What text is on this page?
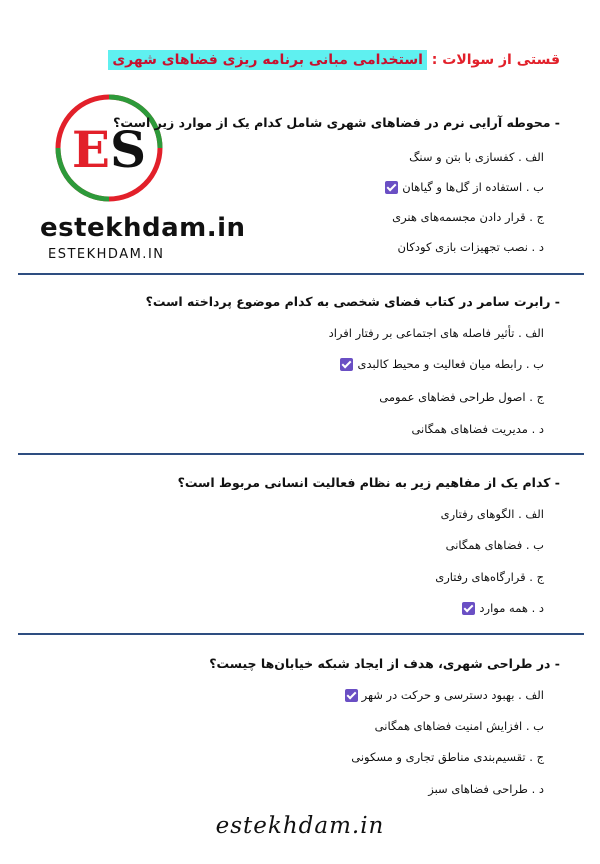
قستی از سوالات : استخدامی مبانی برنامه ریزی فضاهای شهری
ES
estekhdam.in
ESTEKHDAM.IN
- محوطه آرایی نرم در فضاهای شهری شامل کدام یک از موارد زیر است؟
الف . کفسازی با بتن و سنگ
ب . استفاده از گل‌ها و گیاهان
ج . قرار دادن مجسمه‌های هنری
د . نصب تجهیزات بازی کودکان
- رابرت سامر در کتاب فضای شخصی به کدام موضوع پرداخته است؟
الف . تأثیر فاصله های اجتماعی بر رفتار افراد
ب . رابطه میان فعالیت و محیط کالبدی
ج . اصول طراحی فضاهای عمومی
د . مدیریت فضاهای همگانی
- کدام یک از مفاهیم زیر به نظام فعالیت انسانی مربوط است؟
الف . الگوهای رفتاری
ب . فضاهای همگانی
ج . قرارگاه‌های رفتاری
د . همه موارد
- در طراحی شهری، هدف از ایجاد شبکه خیابان‌ها چیست؟
الف . بهبود دسترسی و حرکت در شهر
ب . افزایش امنیت فضاهای همگانی
ج . تقسیم‌بندی مناطق تجاری و مسکونی
د . طراحی فضاهای سبز
estekhdam.in
